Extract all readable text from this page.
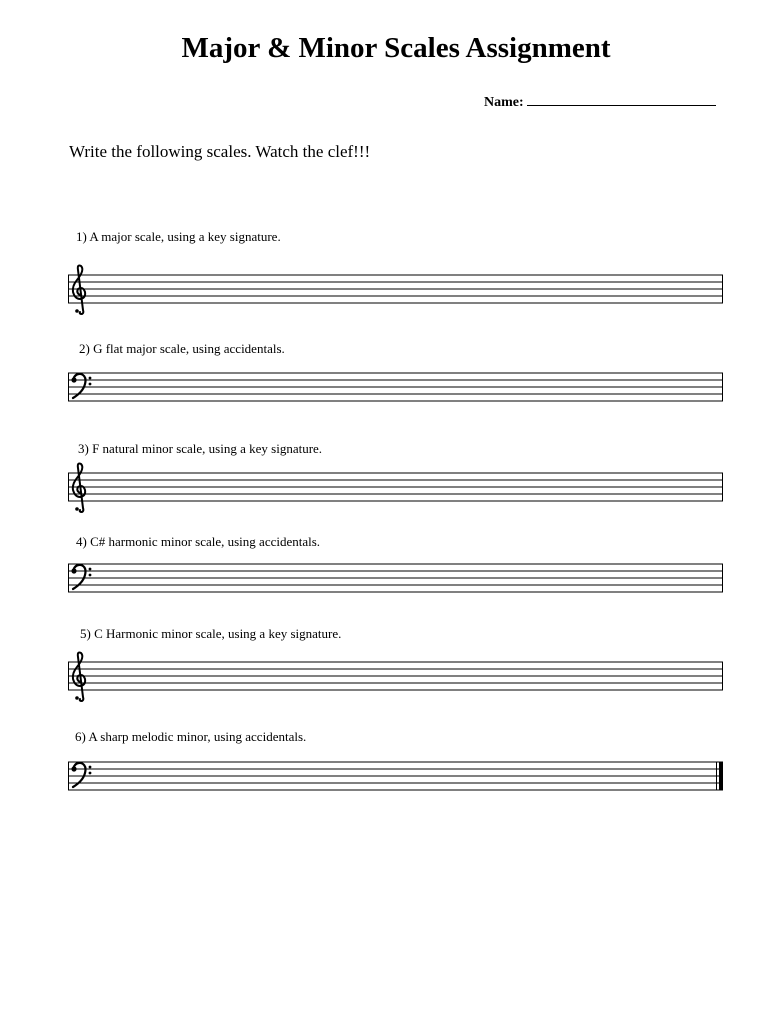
Major & Minor Scales Assignment
Name:
Write the following scales. Watch the clef!!!
1) A major scale, using a key signature.
2) G flat major scale, using accidentals.
3) F natural minor scale, using a key signature.
4) C# harmonic minor scale, using accidentals.
5) C Harmonic minor scale, using a key signature.
6) A sharp melodic minor, using accidentals.
